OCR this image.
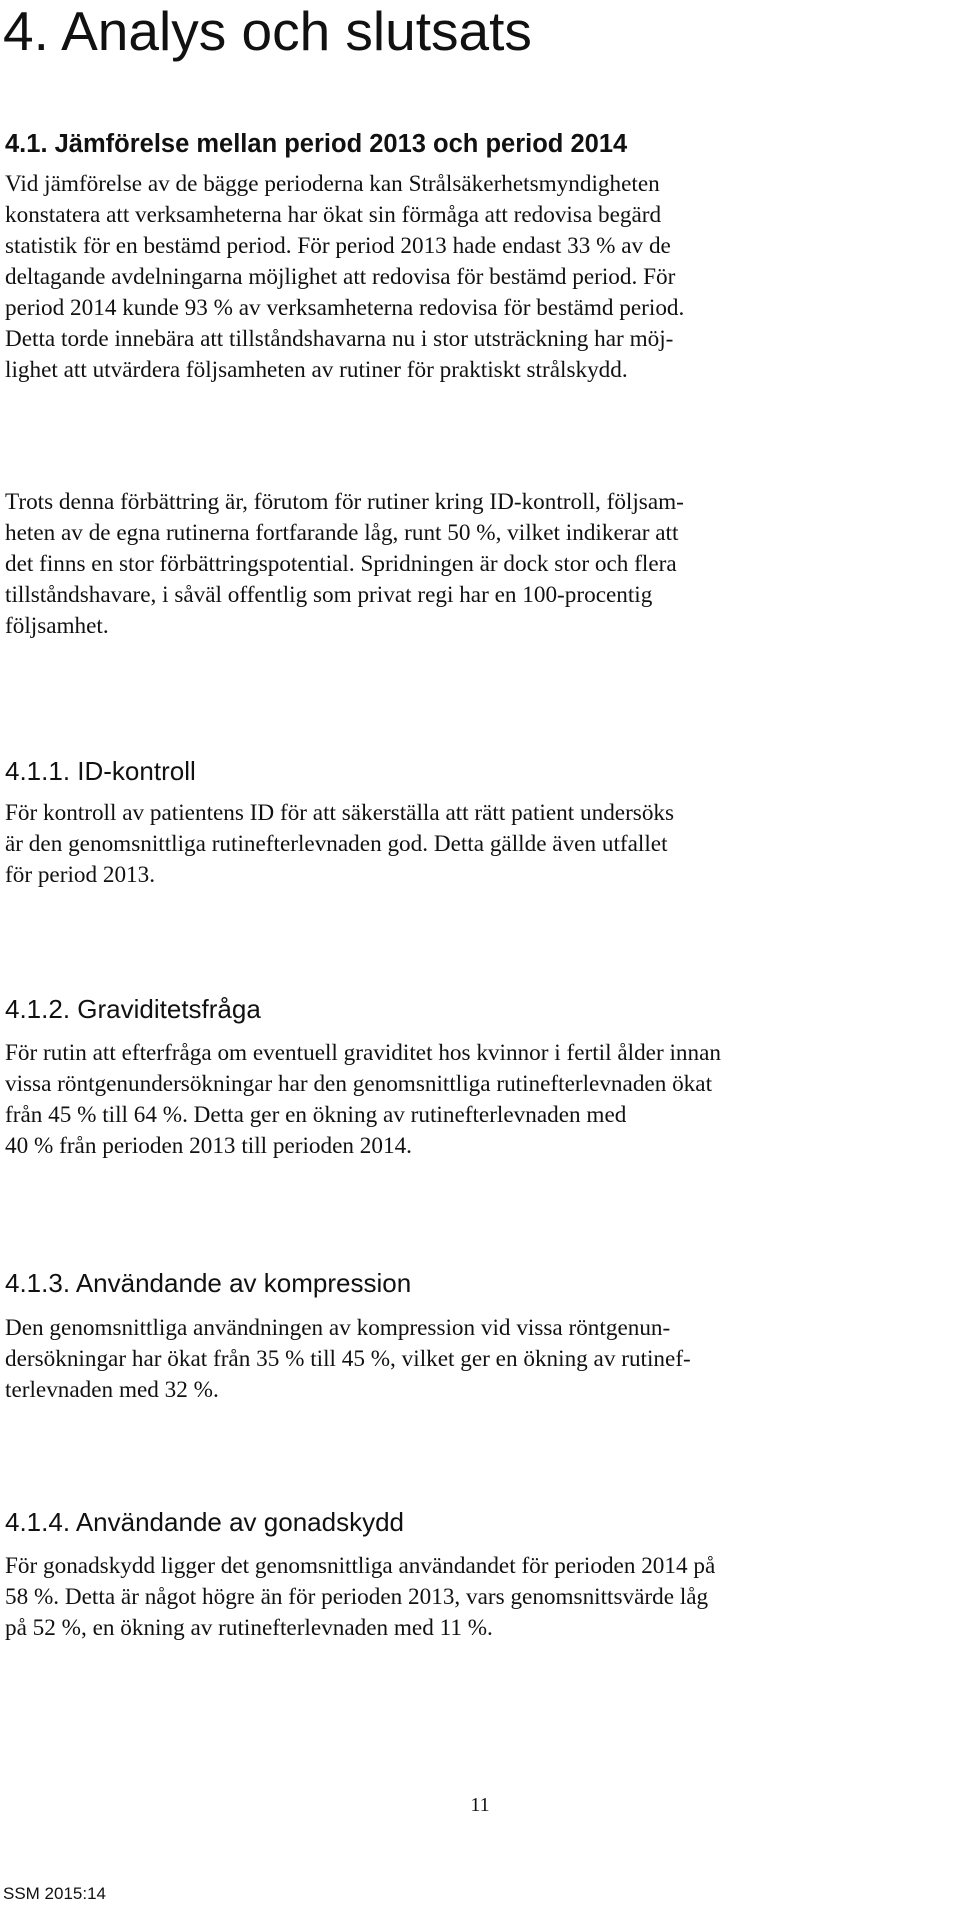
4. Analys och slutsats
4.1. Jämförelse mellan period 2013 och period 2014
Vid jämförelse av de bägge perioderna kan Strålsäkerhetsmyndigheten
konstatera att verksamheterna har ökat sin förmåga att redovisa begärd
statistik för en bestämd period. För period 2013 hade endast 33 % av de
deltagande avdelningarna möjlighet att redovisa för bestämd period. För
period 2014 kunde 93 % av verksamheterna redovisa för bestämd period.
Detta torde innebära att tillståndshavarna nu i stor utsträckning har möj-
lighet att utvärdera följsamheten av rutiner för praktiskt strålskydd.
Trots denna förbättring är, förutom för rutiner kring ID-kontroll, följsam-
heten av de egna rutinerna fortfarande låg, runt 50 %, vilket indikerar att
det finns en stor förbättringspotential. Spridningen är dock stor och flera
tillståndshavare, i såväl offentlig som privat regi har en 100-procentig
följsamhet.
4.1.1. ID-kontroll
För kontroll av patientens ID för att säkerställa att rätt patient undersöks
är den genomsnittliga rutinefterlevnaden god. Detta gällde även utfallet
för period 2013.
4.1.2. Graviditetsfråga
För rutin att efterfråga om eventuell graviditet hos kvinnor i fertil ålder innan
vissa röntgenundersökningar har den genomsnittliga rutinefterlevnaden ökat
från 45 % till 64 %. Detta ger en ökning av rutinefterlevnaden med
40 % från perioden 2013 till perioden 2014.
4.1.3. Användande av kompression
Den genomsnittliga användningen av kompression vid vissa röntgenun-
dersökningar har ökat från 35 % till 45 %, vilket ger en ökning av rutinef-
terlevnaden med 32 %.
4.1.4. Användande av gonadskydd
För gonadskydd ligger det genomsnittliga användandet för perioden 2014 på
58 %. Detta är något högre än för perioden 2013, vars genomsnittsvärde låg
på 52 %, en ökning av rutinefterlevnaden med 11 %.
11
SSM 2015:14
